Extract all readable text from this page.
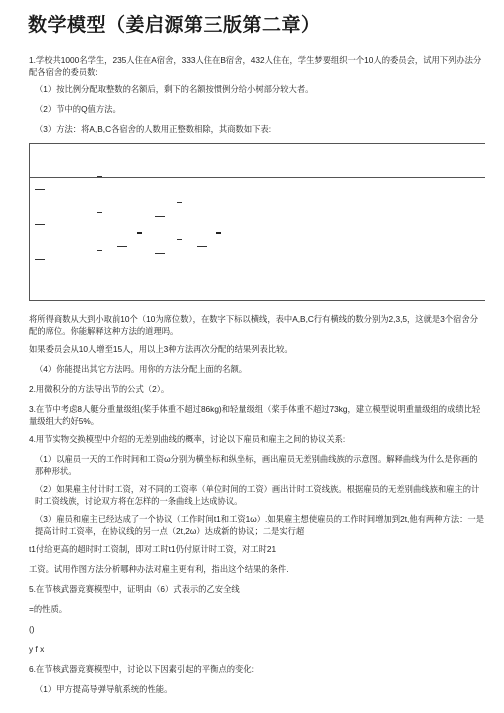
数学模型（姜启源第三版第二章）
1.学校共1000名学生，235人住在A宿舍，333人住在B宿舍，432人住在，学生梦要组织一个10人的委员会，试用下列办法分配各宿舍的委员数:
（1）按比例分配取整数的名额后，剩下的名额按惯例分给小树部分较大者。
（2）节中的Q值方法。
（3）方法：将A,B,C各宿舍的人数用正整数相除，其商数如下表:
将所得商数从大到小取前10个（10为席位数），在数字下标以横线，表中A,B,C行有横线的数分别为2,3,5，这就是3个宿舍分配的席位。你能解释这种方法的道理吗。
如果委员会从10人增至15人，用以上3种方法再次分配的结果列表比较。
（4）你能提出其它方法吗。用你的方法分配上面的名额。
2.用微积分的方法导出节的公式（2）。
3.在节中考虑8人艇分重量级组(桨手体重不超过86kg)和轻量级组（桨手体重不超过73kg，建立模型说明重量级组的成绩比轻量级组大约好5%。
4.用节实物交换模型中介绍的无差别曲线的概率，讨论以下雇员和雇主之间的协议关系:
（1）以雇员一天的工作时间和工资ω分别为横坐标和纵坐标，画出雇员无差别曲线族的示意图。解释曲线为什么是你画的那种形状。
（2）如果雇主付计时工资，对不同的工资率（单位时间的工资）画出计时工资线族。根据雇员的无差别曲线族和雇主的计时工资线族，讨论双方将在怎样的一条曲线上达成协议。
（3）雇员和雇主已经达成了一个协议（工作时间t1和工资1ω）.如果雇主想使雇员的工作时间增加到2t,他有两种方法：一是提高计时工资率，在协议线的另一点（2t,2ω）达成新的协议；二是实行超
t1付给更高的超时时工资制，即对工时t1仍付原计时工资，对工时21
工资。试用作图方法分析哪种办法对雇主更有利，指出这个结果的条件.
5.在节核武器竞赛模型中，证明由（6）式表示的乙安全线
=的性质。
()
y f x
6.在节核武器竞赛模型中，讨论以下因素引起的平衡点的变化:
（1）甲方提高导弹导航系统的性能。
